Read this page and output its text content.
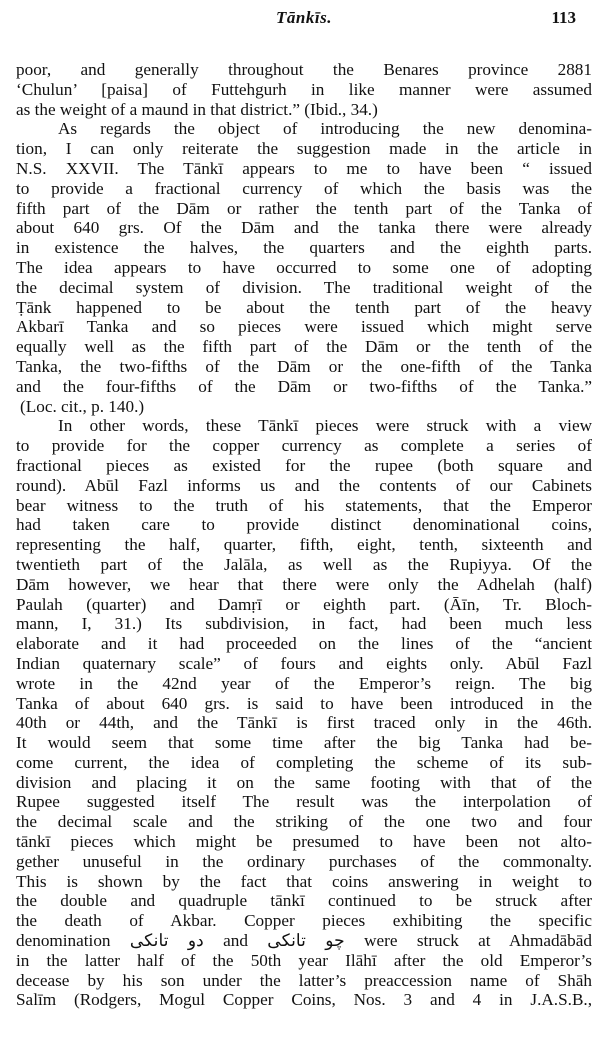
Tānkīs.	113
poor, and generally throughout the Benares province 2881
‘Chulun’ [paisa] of Futtehgurh in like manner were assumed
as the weight of a maund in that district.” (Ibid., 34.)
As regards the object of introducing the new denomina-
tion, I can only reiterate the suggestion made in the article in
N.S. XXVII. The Tānkī appears to me to have been “ issued
to provide a fractional currency of which the basis was the
fifth part of the Dām or rather the tenth part of the Tanka of
about 640 grs. Of the Dām and the tanka there were already
in existence the halves, the quarters and the eighth parts.
The idea appears to have occurred to some one of adopting
the decimal system of division. The traditional weight of the
Ṭānk happened to be about the tenth part of the heavy
Akbarī Tanka and so pieces were issued which might serve
equally well as the fifth part of the Dām or the tenth of the
Tanka, the two-fifths of the Dām or the one-fifth of the Tanka
and the four-fifths of the Dām or two-fifths of the Tanka.”
(Loc. cit., p. 140.)
In other words, these Tānkī pieces were struck with a view
to provide for the copper currency as complete a series of
fractional pieces as existed for the rupee (both square and
round). Abūl Fazl informs us and the contents of our Cabinets
bear witness to the truth of his statements, that the Emperor
had taken care to provide distinct denominational coins,
representing the half, quarter, fifth, eight, tenth, sixteenth and
twentieth part of the Jalāla, as well as the Rupiyya. Of the
Dām however, we hear that there were only the Adhelah (half)
Paulah (quarter) and Damṛī or eighth part. (Āīn, Tr. Bloch-
mann, I, 31.) Its subdivision, in fact, had been much less
elaborate and it had proceeded on the lines of the “ancient
Indian quaternary scale” of fours and eights only. Abūl Fazl
wrote in the 42nd year of the Emperor’s reign. The big
Tanka of about 640 grs. is said to have been introduced in the
40th or 44th, and the Tānkī is first traced only in the 46th.
It would seem that some time after the big Tanka had be-
come current, the idea of completing the scheme of its sub-
division and placing it on the same footing with that of the
Rupee suggested itself The result was the interpolation of
the decimal scale and the striking of the one two and four
tānkī pieces which might be presumed to have been not alto-
gether unuseful in the ordinary purchases of the commonalty.
This is shown by the fact that coins answering in weight to
the double and quadruple tānkī continued to be struck after
the death of Akbar. Copper pieces exhibiting the specific
denomination دو تانکی and چو تانکی were struck at Ahmadābād
in the latter half of the 50th year Ilāhī after the old Emperor’s
decease by his son under the latter’s preaccession name of Shāh
Salīm (Rodgers, Mogul Copper Coins, Nos. 3 and 4 in J.A.S.B.,
